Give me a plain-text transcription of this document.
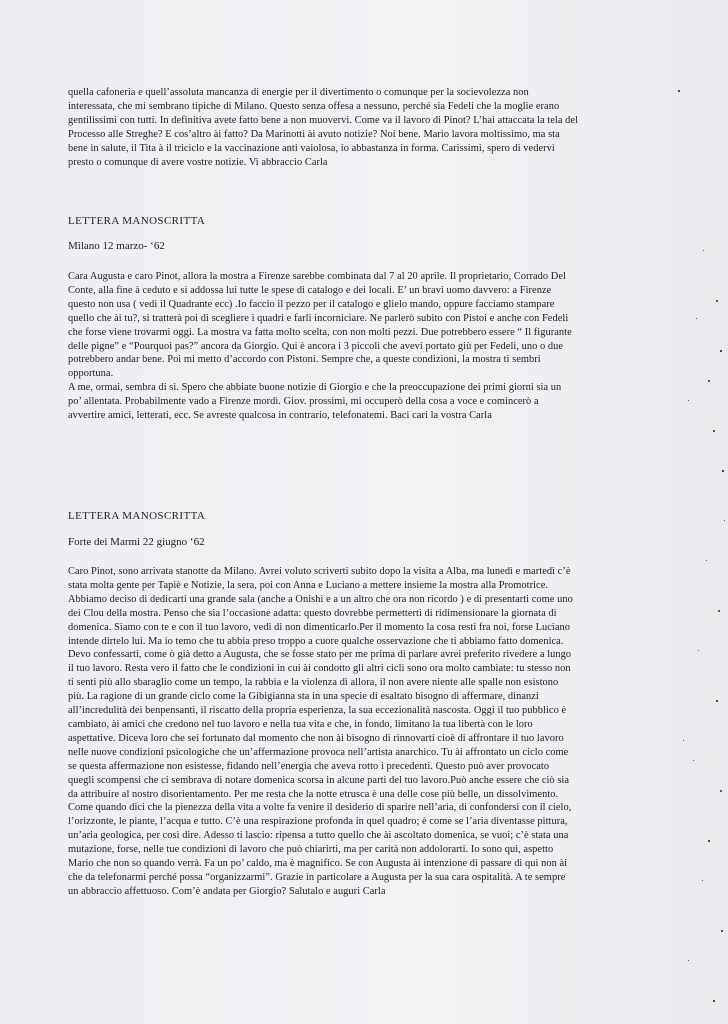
quella cafoneria e quell’assoluta mancanza di energie per il divertimento o comunque per la socievolezza non
interessata, che mi sembrano tipiche di Milano. Questo senza offesa a nessuno, perché sia Fedeli che la moglie erano
gentilissimi con tutti. In definitiva avete fatto bene a non muovervi. Come va il lavoro di Pinot? L’hai attaccata la tela del
Processo alle Streghe? E cos’altro ài fatto? Da Marinotti ài avuto notizie? Noi bene. Mario lavora moltissimo, ma sta
bene in salute, il Tita à il triciclo e la vaccinazione anti vaiolosa, io abbastanza in forma. Carissimi, spero di vedervi
presto o comunque di avere vostre notizie. Vi abbraccio Carla

LETTERA MANOSCRITTA

Milano 12 marzo- ‘62

Cara Augusta e caro Pinot, allora la mostra a Firenze sarebbe combinata dal 7 al 20 aprile. Il proprietario, Corrado Del
Conte, alla fine à ceduto e si addossa lui tutte le spese di catalogo e dei locali. E’ un bravi uomo davvero: a Firenze
questo non usa ( vedi il Quadrante ecc) .Io faccio il pezzo per il catalogo e glielo mando, oppure facciamo stampare
quello che ài tu?, si tratterà poi di scegliere i quadri e farli incorniciare. Ne parlerò subito con Pistoi e anche con Fedeli
che forse viene trovarmi oggi. La mostra va fatta molto scelta, con non molti pezzi. Due potrebbero essere “ Il figurante
delle pigne” e “Pourquoi pas?” ancora da Giorgio. Qui è ancora i 3 piccoli che avevi portato giù per Fedeli, uno o due
potrebbero andar bene. Poi mi metto d’accordo con Pistoni. Sempre che, a queste condizioni, la mostra ti sembri
opportuna.
A me, ormai, sembra di sì. Spero che abbiate buone notizie di Giorgio e che la preoccupazione dei primi giorni sia un
po’ allentata. Probabilmente vado a Firenze mordì. Giov. prossimi, mi occuperò della cosa a voce e comincerò a
avvertire amici, letterati, ecc. Se avreste qualcosa in contrario, telefonatemi. Baci cari la vostra Carla

LETTERA MANOSCRITTA

Forte dei Marmi 22 giugno ‘62

Caro Pinot, sono arrivata stanotte da Milano. Avrei voluto scriverti subito dopo la visita a Alba, ma lunedì e martedì c’è
stata molta gente per Tapiè e Notizie, la sera, poi con Anna e Luciano a mettere insieme la mostra alla Promotrice.
Abbiamo deciso di dedicarti una grande sala (anche a Onishi e a un altro che ora non ricordo ) e di presentarti come uno
dei Clou della mostra. Penso che sia l’occasione adatta: questo dovrebbe permetterti di ridimensionare la giornata di
domenica. Siamo con te e con il tuo lavoro, vedi di non dimenticarlo.Per il momento la cosa resti fra noi, forse Luciano
intende dirtelo lui. Ma io temo che tu abbia preso troppo a cuore qualche osservazione che ti abbiamo fatto domenica.
Devo confessarti, come ò già detto a Augusta, che se fosse stato per me prima di parlare avrei preferito rivedere a lungo
il tuo lavoro. Resta vero il fatto che le condizioni in cui ài condotto gli altri cicli sono ora molto cambiate: tu stesso non
ti senti più allo sbaraglio come un tempo, la rabbia e la violenza di allora, il non avere niente alle spalle non esistono
più. La ragione di un grande ciclo come la Gibigianna sta in una specie di esaltato bisogno di affermare, dinanzi
all’incredulità dei benpensanti, il riscatto della propria esperienza, la sua eccezionalità nascosta. Oggi il tuo pubblico è
cambiato, ài amici che credono nel tuo lavoro e nella tua vita e che, in fondo, limitano la tua libertà con le loro
aspettative. Diceva loro che sei fortunato dal momento che non ài bisogno di rinnovarti cioè di affrontare il tuo lavoro
nelle nuove condizioni psicologiche che un’affermazione provoca nell’artista anarchico. Tu ài affrontato un ciclo come
se questa affermazione non esistesse, fidando nell’energia che aveva rotto i precedenti. Questo può aver provocato
quegli scompensi che ci sembrava di notare domenica scorsa in alcune parti del tuo lavoro.Può anche essere che ciò sia
da attribuire al nostro disorientamento. Per me resta che la notte etrusca è una delle cose più belle, un dissolvimento.
Come quando dici che la pienezza della vita a volte fa venire il desiderio di sparire nell’aria, di confondersi con il cielo,
l’orizzonte, le piante, l’acqua e tutto. C’è una respirazione profonda in quel quadro; è come se l’aria diventasse pittura,
un’aria geologica, per così dire. Adesso ti lascio: ripensa a tutto quello che ài ascoltato domenica, se vuoi; c’è stata una
mutazione, forse, nelle tue condizioni di lavoro che può chiarirti, ma per carità non addolorarti. Io sono qui, aspetto
Mario che non so quando verrà. Fa un po’ caldo, ma è magnifico. Se con Augusta ài intenzione di passare di qui non ài
che da telefonarmi perché possa “organizzarmi”. Grazie in particolare a Augusta per la sua cara ospitalità. A te sempre
un abbraccio affettuoso. Com’è andata per Giorgio? Salutalo e auguri Carla
